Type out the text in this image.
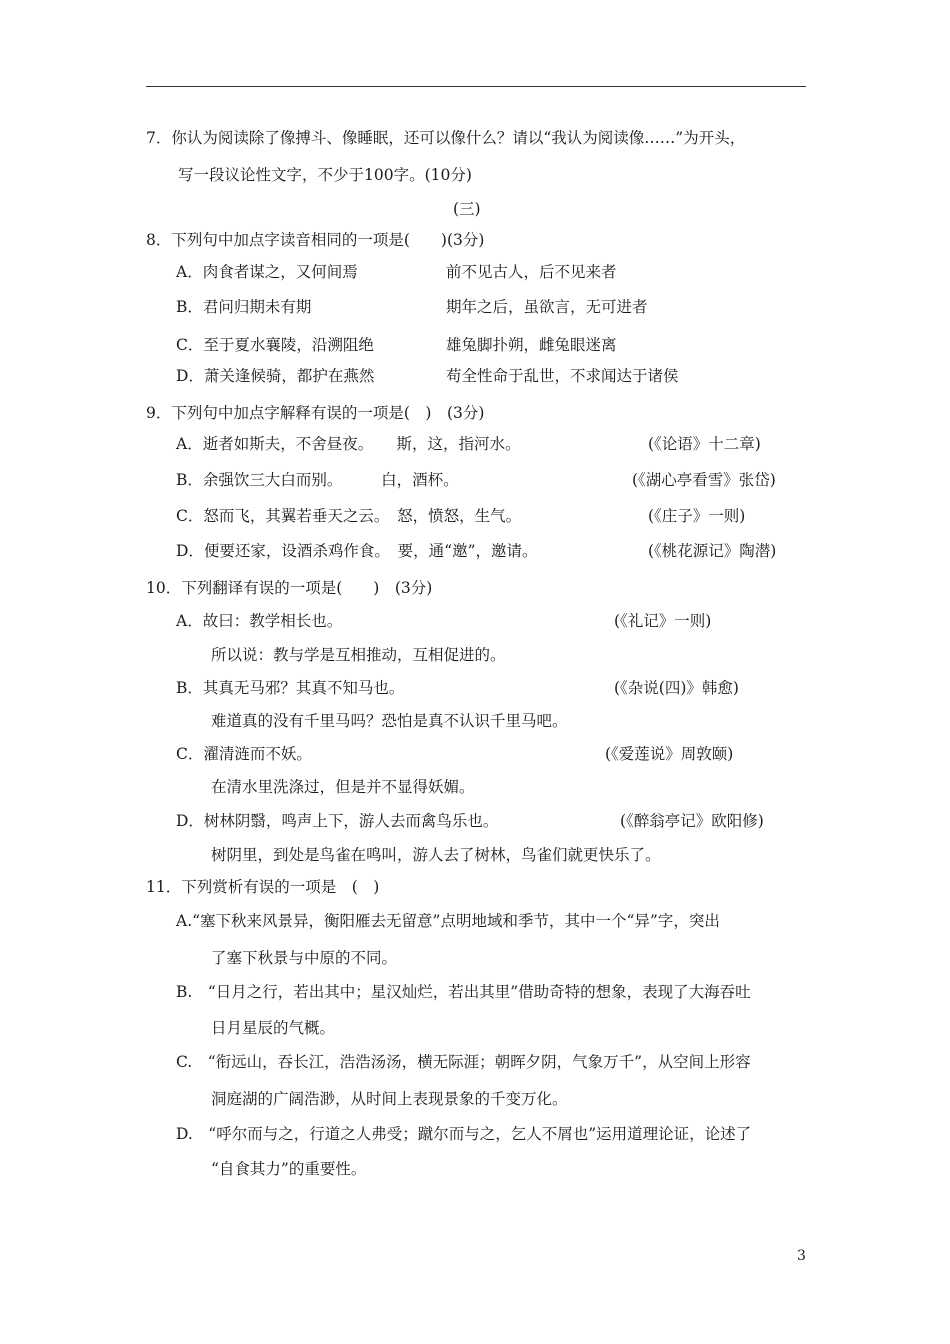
7．你认为阅读除了像搏斗、像睡眠，还可以像什么？请以“我认为阅读像……”为开头，
写一段议论性文字，不少于100字。(10分)
(三)
8．下列句中加点字读音相同的一项是(　　)(3分)
A．肉食者谋之，又何间焉	前不见古人，后不见来者
B．君问归期未有期	期年之后，虽欲言，无可进者
C．至于夏水襄陵，沿溯阻绝	雄兔脚扑朔，雌兔眼迷离
D．萧关逢候骑，都护在燕然	苟全性命于乱世，不求闻达于诸侯
9．下列句中加点字解释有误的一项是(　)　(3分)
A．逝者如斯夫，不舍昼夜。　　斯，这，指河水。	(《论语》十二章)
B．余强饮三大白而别。　　　白，酒杯。	(《湖心亭看雪》张岱)
C．怒而飞，其翼若垂天之云。　怒，愤怒，生气。	(《庄子》一则)
D．便要还家，设酒杀鸡作食。　要，通“邀”，邀请。	(《桃花源记》陶潜)
10．下列翻译有误的一项是(　　)　(3分)
A．故曰：教学相长也。	(《礼记》一则)
所以说：教与学是互相推动，互相促进的。
B．其真无马邪？其真不知马也。	(《杂说(四)》韩愈)
难道真的没有千里马吗？恐怕是真不认识千里马吧。
C．濯清涟而不妖。	(《爱莲说》周敦颐)
在清水里洗涤过，但是并不显得妖媚。
D．树林阴翳，鸣声上下，游人去而禽鸟乐也。	(《醉翁亭记》欧阳修)
树阴里，到处是鸟雀在鸣叫，游人去了树林，鸟雀们就更快乐了。
11．下列赏析有误的一项是　(　)
A.“塞下秋来风景异，衡阳雁去无留意”点明地域和季节，其中一个“异”字，突出
了塞下秋景与中原的不同。
B.　“日月之行，若出其中；星汉灿烂，若出其里”借助奇特的想象，表现了大海吞吐
日月星辰的气概。
C.　“衔远山，吞长江，浩浩汤汤，横无际涯；朝晖夕阴，气象万千”，从空间上形容
洞庭湖的广阔浩渺，从时间上表现景象的千变万化。
D.　“呼尔而与之，行道之人弗受；蹴尔而与之，乞人不屑也”运用道理论证，论述了
“自食其力”的重要性。
3
